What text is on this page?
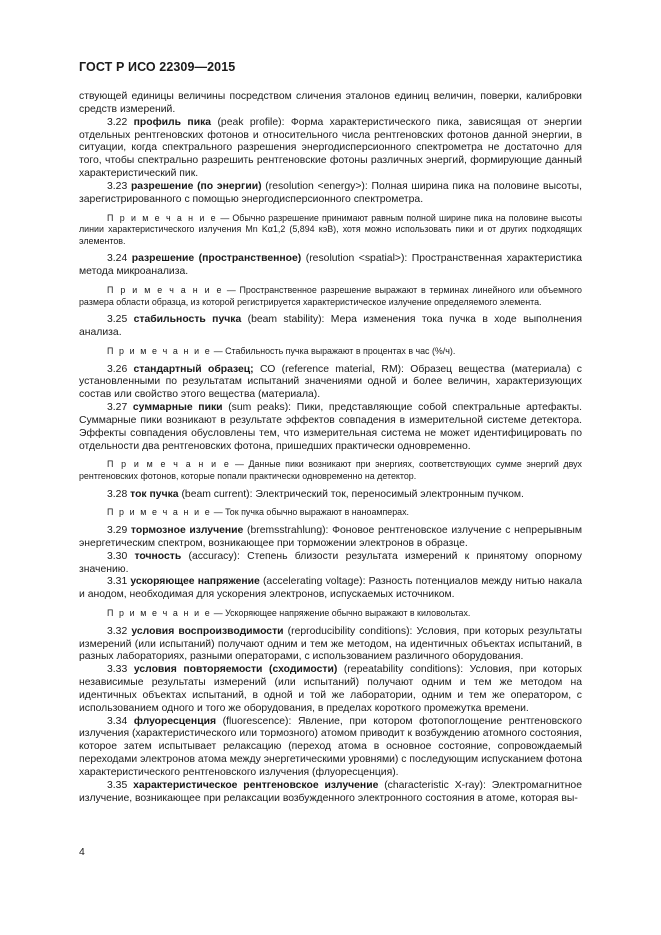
ГОСТ Р ИСО 22309—2015

ствующей единицы величины посредством сличения эталонов единиц величин, поверки, калибровки средств измерений.

3.22 профиль пика (peak profile): Форма характеристического пика, зависящая от энергии отдельных рентгеновских фотонов и относительного числа рентгеновских фотонов данной энергии, в ситуации, когда спектрального разрешения энергодисперсионного спектрометра не достаточно для того, чтобы спектрально разрешить рентгеновские фотоны различных энергий, формирующие данный характеристический пик.

3.23 разрешение (по энергии) (resolution <energy>): Полная ширина пика на половине высоты, зарегистрированного с помощью энергодисперсионного спектрометра.

П р и м е ч а н и е — Обычно разрешение принимают равным полной ширине пика на половине высоты линии характеристического излучения Mn Kα1,2 (5,894 кэВ), хотя можно использовать пики и от других подходящих элементов.

3.24 разрешение (пространственное) (resolution <spatial>): Пространственная характеристика метода микроанализа.

П р и м е ч а н и е — Пространственное разрешение выражают в терминах линейного или объемного размера области образца, из которой регистрируется характеристическое излучение определяемого элемента.

3.25 стабильность пучка (beam stability): Мера изменения тока пучка в ходе выполнения анализа.

П р и м е ч а н и е — Стабильность пучка выражают в процентах в час (%/ч).

3.26 стандартный образец; СО (reference material, RM): Образец вещества (материала) с установленными по результатам испытаний значениями одной и более величин, характеризующих состав или свойство этого вещества (материала).

3.27 суммарные пики (sum peaks): Пики, представляющие собой спектральные артефакты. Суммарные пики возникают в результате эффектов совпадения в измерительной системе детектора. Эффекты совпадения обусловлены тем, что измерительная система не может идентифицировать по отдельности два рентгеновских фотона, пришедших практически одновременно.

П р и м е ч а н и е — Данные пики возникают при энергиях, соответствующих сумме энергий двух рентгеновских фотонов, которые попали практически одновременно на детектор.

3.28 ток пучка (beam current): Электрический ток, переносимый электронным пучком.

П р и м е ч а н и е — Ток пучка обычно выражают в наноамперах.

3.29 тормозное излучение (bremsstrahlung): Фоновое рентгеновское излучение с непрерывным энергетическим спектром, возникающее при торможении электронов в образце.

3.30 точность (accuracy): Степень близости результата измерений к принятому опорному значению.

3.31 ускоряющее напряжение (accelerating voltage): Разность потенциалов между нитью накала и анодом, необходимая для ускорения электронов, испускаемых источником.

П р и м е ч а н и е — Ускоряющее напряжение обычно выражают в киловольтах.

3.32 условия воспроизводимости (reproducibility conditions): Условия, при которых результаты измерений (или испытаний) получают одним и тем же методом, на идентичных объектах испытаний, в разных лабораториях, разными операторами, с использованием различного оборудования.

3.33 условия повторяемости (сходимости) (repeatability conditions): Условия, при которых независимые результаты измерений (или испытаний) получают одним и тем же методом на идентичных объектах испытаний, в одной и той же лаборатории, одним и тем же оператором, с использованием одного и того же оборудования, в пределах короткого промежутка времени.

3.34 флуоресценция (fluorescence): Явление, при котором фотопоглощение рентгеновского излучения (характеристического или тормозного) атомом приводит к возбуждению атомного состояния, которое затем испытывает релаксацию (переход атома в основное состояние, сопровождаемый переходами электронов атома между энергетическими уровнями) с последующим испусканием фотона характеристического рентгеновского излучения (флуоресценция).

3.35 характеристическое рентгеновское излучение (characteristic X-ray): Электромагнитное излучение, возникающее при релаксации возбужденного электронного состояния в атоме, которая вы-

4
